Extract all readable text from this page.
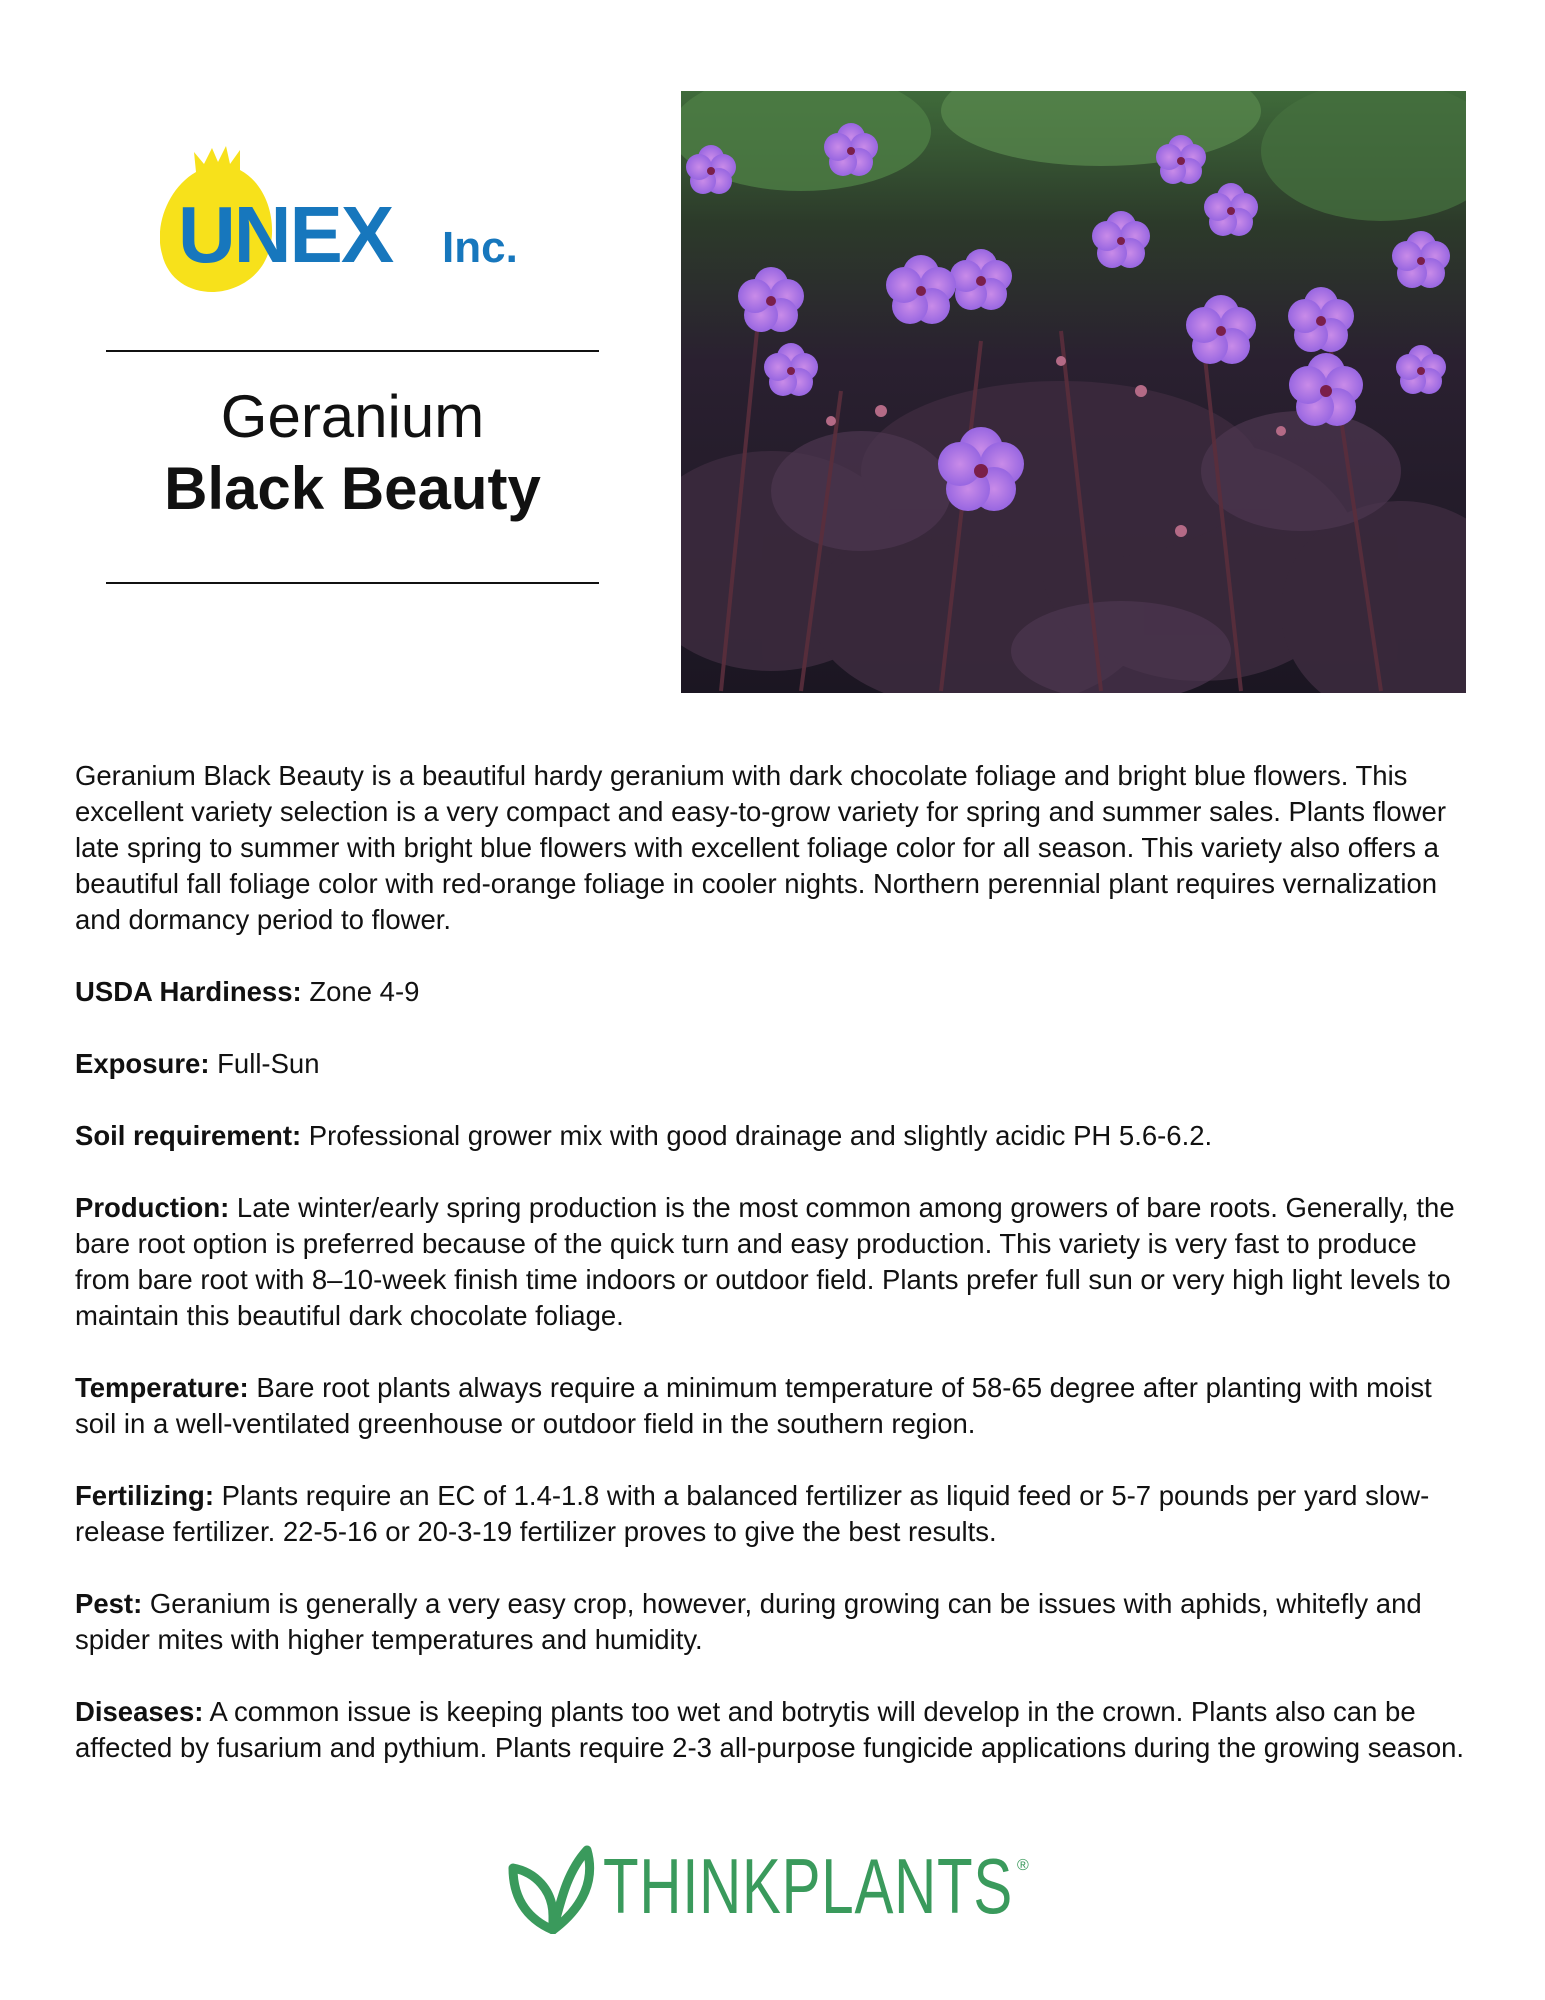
UNEX Inc.
Geranium
Black Beauty

Geranium Black Beauty is a beautiful hardy geranium with dark chocolate foliage and bright blue flowers. This excellent variety selection is a very compact and easy-to-grow variety for spring and summer sales. Plants flower late spring to summer with bright blue flowers with excellent foliage color for all season. This variety also offers a beautiful fall foliage color with red-orange foliage in cooler nights. Northern perennial plant requires vernalization and dormancy period to flower.

USDA Hardiness: Zone 4-9

Exposure: Full-Sun

Soil requirement: Professional grower mix with good drainage and slightly acidic PH 5.6-6.2.

Production: Late winter/early spring production is the most common among growers of bare roots. Generally, the bare root option is preferred because of the quick turn and easy production. This variety is very fast to produce from bare root with 8–10-week finish time indoors or outdoor field. Plants prefer full sun or very high light levels to maintain this beautiful dark chocolate foliage.

Temperature: Bare root plants always require a minimum temperature of 58-65 degree after planting with moist soil in a well-ventilated greenhouse or outdoor field in the southern region.

Fertilizing: Plants require an EC of 1.4-1.8 with a balanced fertilizer as liquid feed or 5-7 pounds per yard slow-release fertilizer. 22-5-16 or 20-3-19 fertilizer proves to give the best results.

Pest: Geranium is generally a very easy crop, however, during growing can be issues with aphids, whitefly and spider mites with higher temperatures and humidity.

Diseases: A common issue is keeping plants too wet and botrytis will develop in the crown. Plants also can be affected by fusarium and pythium. Plants require 2-3 all-purpose fungicide applications during the growing season.

THINKPLANTS ®
